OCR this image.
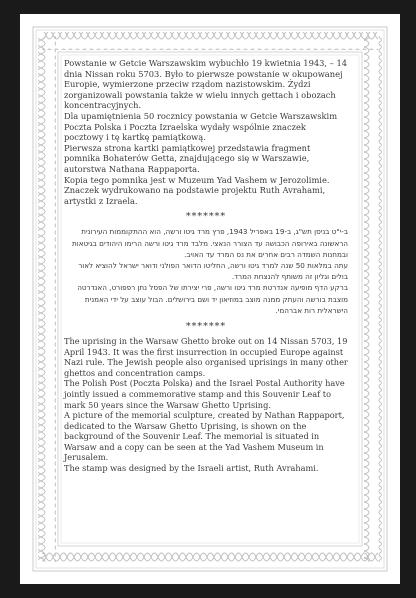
Powstanie w Getcie Warszawskim wybuchło 19 kwietnia 1943, – 14 dnia Nissan roku 5703. Było to pierwsze powstanie w okupowanej Europie, wymierzone przeciw rządom nazistowskim. Żydzi zorganizowali powstania także w wielu innych gettach i obozach koncentracyjnych.

Dla upamiętnienia 50 rocznicy powstania w Getcie Warszawskim Poczta Polska i Poczta Izraelska wydały wspólnie znaczek pocztowy i tę kartkę pamiątkową.

Pierwsza strona kartki pamiątkowej przedstawia fragment pomnika Bohaterów Getta, znajdującego się w Warszawie, autorstwa Nathana Rappaporta.

Kopia tego pomnika jest w Muzeum Yad Vashem w Jerozolimie. Znaczek wydrukowano na podstawie projektu Ruth Avrahami, artystki z Izraela.

*******

ב-י"ט בניסן תש"ג, ב-19 באפריל 1943, פרץ מרד גיטו ורשה, הוא ההתקוממות העירונית הראשונה באירופה הכבושה עד הצורר הנאצי. מלבד מרד גיטו ורשה הרימו היהודים בגיטאות ובמחנות השמדה רבים אחרים את נס המרד עד האויב.

עתה במלאות 50 שנה למרד גיטו ורשה, החליטו הדואר הפולני ודואר ישראל להוציא לאור בולים וגליון זה משותף להנצחת המרד.

ברקע הדף מופיעה אנדרטת מרד גיטו ורשה, פרי יצירתו של הפסל נתן רפפורט, האנדרטה מוצבת בורשה והעתק ממנה מוצב במוזיאון יד ושם בירושלים. הבול עוצב על ידי האמנית הישראלית רות אברהמי.

*******

The uprising in the Warsaw Ghetto broke out on 14 Nissan 5703, 19 April 1943. It was the first insurrection in occupied Europe against Nazi rule. The Jewish people also organised uprisings in many other ghettos and concentration camps.

The Polish Post (Poczta Polska) and the Israel Postal Authority have jointly issued a commemorative stamp and this Souvenir Leaf to mark 50 years since the Warsaw Ghetto Uprising.

A picture of the memorial sculpture, created by Nathan Rappaport, dedicated to the Warsaw Ghetto Uprising, is shown on the background of the Souvenir Leaf. The memorial is situated in Warsaw and a copy can be seen at the Yad Vashem Museum in Jerusalem.

The stamp was designed by the Israeli artist, Ruth Avrahami.
